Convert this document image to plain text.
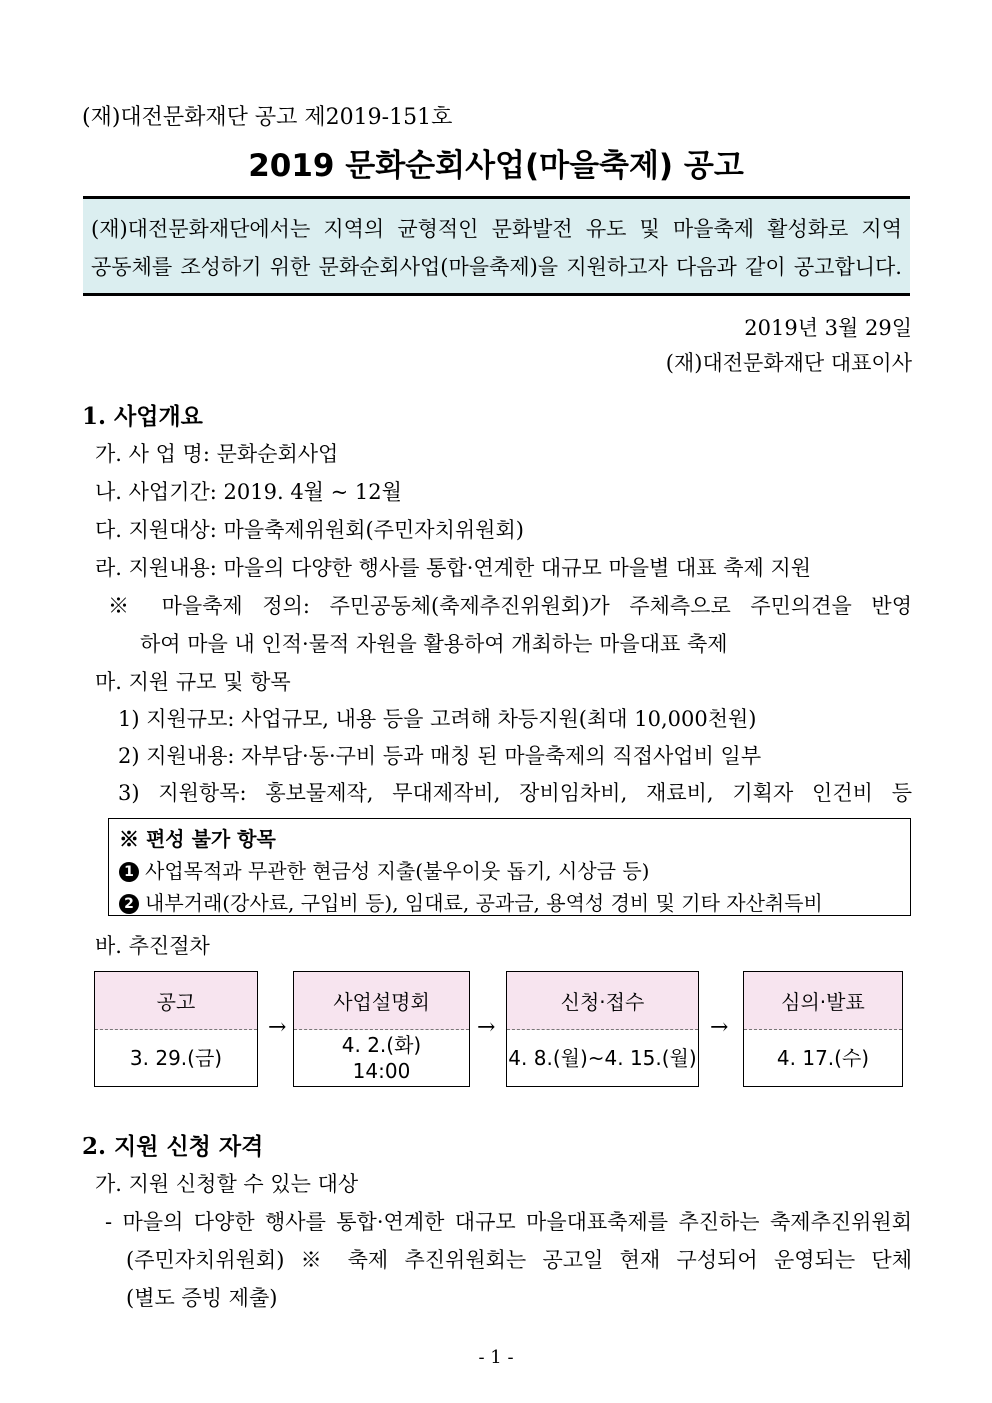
(재)대전문화재단 공고 제2019-151호
2019 문화순회사업(마을축제) 공고
(재)대전문화재단에서는 지역의 균형적인 문화발전 유도 및 마을축제 활성화로 지역
공동체를 조성하기 위한 문화순회사업(마을축제)을 지원하고자 다음과 같이 공고합니다.
2019년 3월 29일
(재)대전문화재단 대표이사
1. 사업개요
가. 사 업 명: 문화순회사업
나. 사업기간: 2019. 4월 ~ 12월
다. 지원대상: 마을축제위원회(주민자치위원회)
라. 지원내용: 마을의 다양한 행사를 통합·연계한 대규모 마을별 대표 축제 지원
※ 마을축제 정의: 주민공동체(축제추진위원회)가 주체측으로 주민의견을 반영
하여 마을 내 인적·물적 자원을 활용하여 개최하는 마을대표 축제
마. 지원 규모 및 항목
1) 지원규모: 사업규모, 내용 등을 고려해 차등지원(최대 10,000천원)
2) 지원내용: 자부담·동·구비 등과 매칭 된 마을축제의 직접사업비 일부
3) 지원항목: 홍보물제작, 무대제작비, 장비임차비, 재료비, 기획자 인건비 등
※ 편성 불가 항목
1 사업목적과 무관한 현금성 지출(불우이웃 돕기, 시상금 등)
2 내부거래(강사료, 구입비 등), 임대료, 공과금, 용역성 경비 및 기타 자산취득비
바. 추진절차
공고
3. 29.(금)
→
사업설명회
4. 2.(화)
14:00
→
신청·접수
4. 8.(월)~4. 15.(월)
→
심의·발표
4. 17.(수)
2. 지원 신청 자격
가. 지원 신청할 수 있는 대상
- 마을의 다양한 행사를 통합·연계한 대규모 마을대표축제를 추진하는 축제추진위원회
(주민자치위원회) ※ 축제 추진위원회는 공고일 현재 구성되어 운영되는 단체
(별도 증빙 제출)
- 1 -
